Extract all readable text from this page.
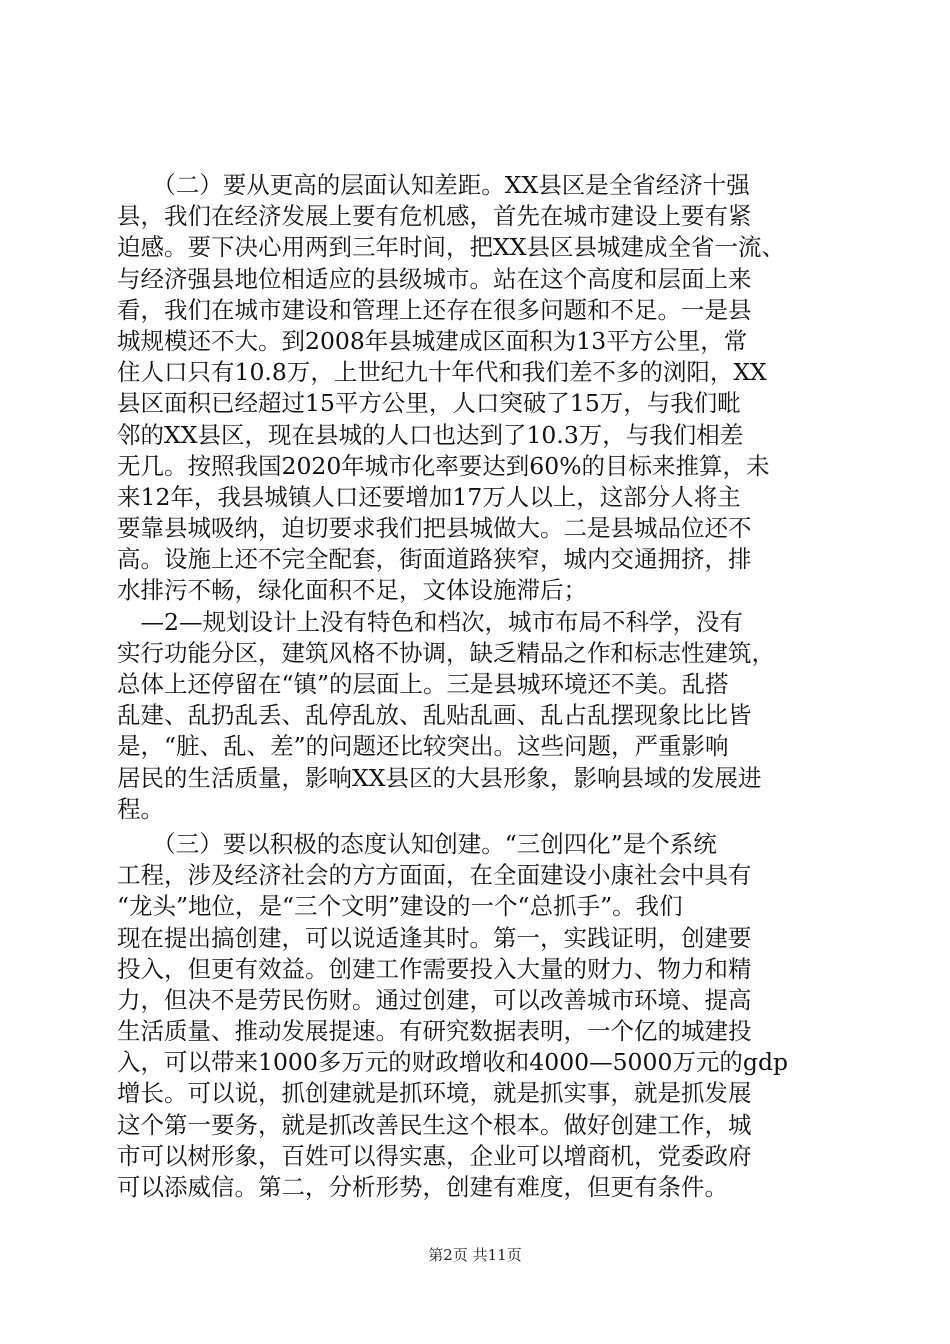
　　（二）要从更高的层面认知差距。XX县区是全省经济十强
县，我们在经济发展上要有危机感，首先在城市建设上要有紧
迫感。要下决心用两到三年时间，把XX县区县城建成全省一流、
与经济强县地位相适应的县级城市。站在这个高度和层面上来
看，我们在城市建设和管理上还存在很多问题和不足。一是县
城规模还不大。到2008年县城建成区面积为13平方公里，常
住人口只有10.8万，上世纪九十年代和我们差不多的浏阳，XX
县区面积已经超过15平方公里，人口突破了15万，与我们毗
邻的XX县区，现在县城的人口也达到了10.3万，与我们相差
无几。按照我国2020年城市化率要达到60%的目标来推算，未
来12年，我县城镇人口还要增加17万人以上，这部分人将主
要靠县城吸纳，迫切要求我们把县城做大。二是县城品位还不
高。设施上还不完全配套，街面道路狭窄，城内交通拥挤，排
水排污不畅，绿化面积不足，文体设施滞后；
　—2—规划设计上没有特色和档次，城市布局不科学，没有
实行功能分区，建筑风格不协调，缺乏精品之作和标志性建筑，
总体上还停留在“镇”的层面上。三是县城环境还不美。乱搭
乱建、乱扔乱丢、乱停乱放、乱贴乱画、乱占乱摆现象比比皆
是，“脏、乱、差”的问题还比较突出。这些问题，严重影响
居民的生活质量，影响XX县区的大县形象，影响县域的发展进
程。
　　（三）要以积极的态度认知创建。“三创四化”是个系统
工程，涉及经济社会的方方面面，在全面建设小康社会中具有
“龙头”地位，是“三个文明”建设的一个“总抓手”。我们
现在提出搞创建，可以说适逢其时。第一，实践证明，创建要
投入，但更有效益。创建工作需要投入大量的财力、物力和精
力，但决不是劳民伤财。通过创建，可以改善城市环境、提高
生活质量、推动发展提速。有研究数据表明，一个亿的城建投
入，可以带来1000多万元的财政增收和4000—5000万元的gdp
增长。可以说，抓创建就是抓环境，就是抓实事，就是抓发展
这个第一要务，就是抓改善民生这个根本。做好创建工作，城
市可以树形象，百姓可以得实惠，企业可以增商机，党委政府
可以添威信。第二，分析形势，创建有难度，但更有条件。
第2页 共11页
